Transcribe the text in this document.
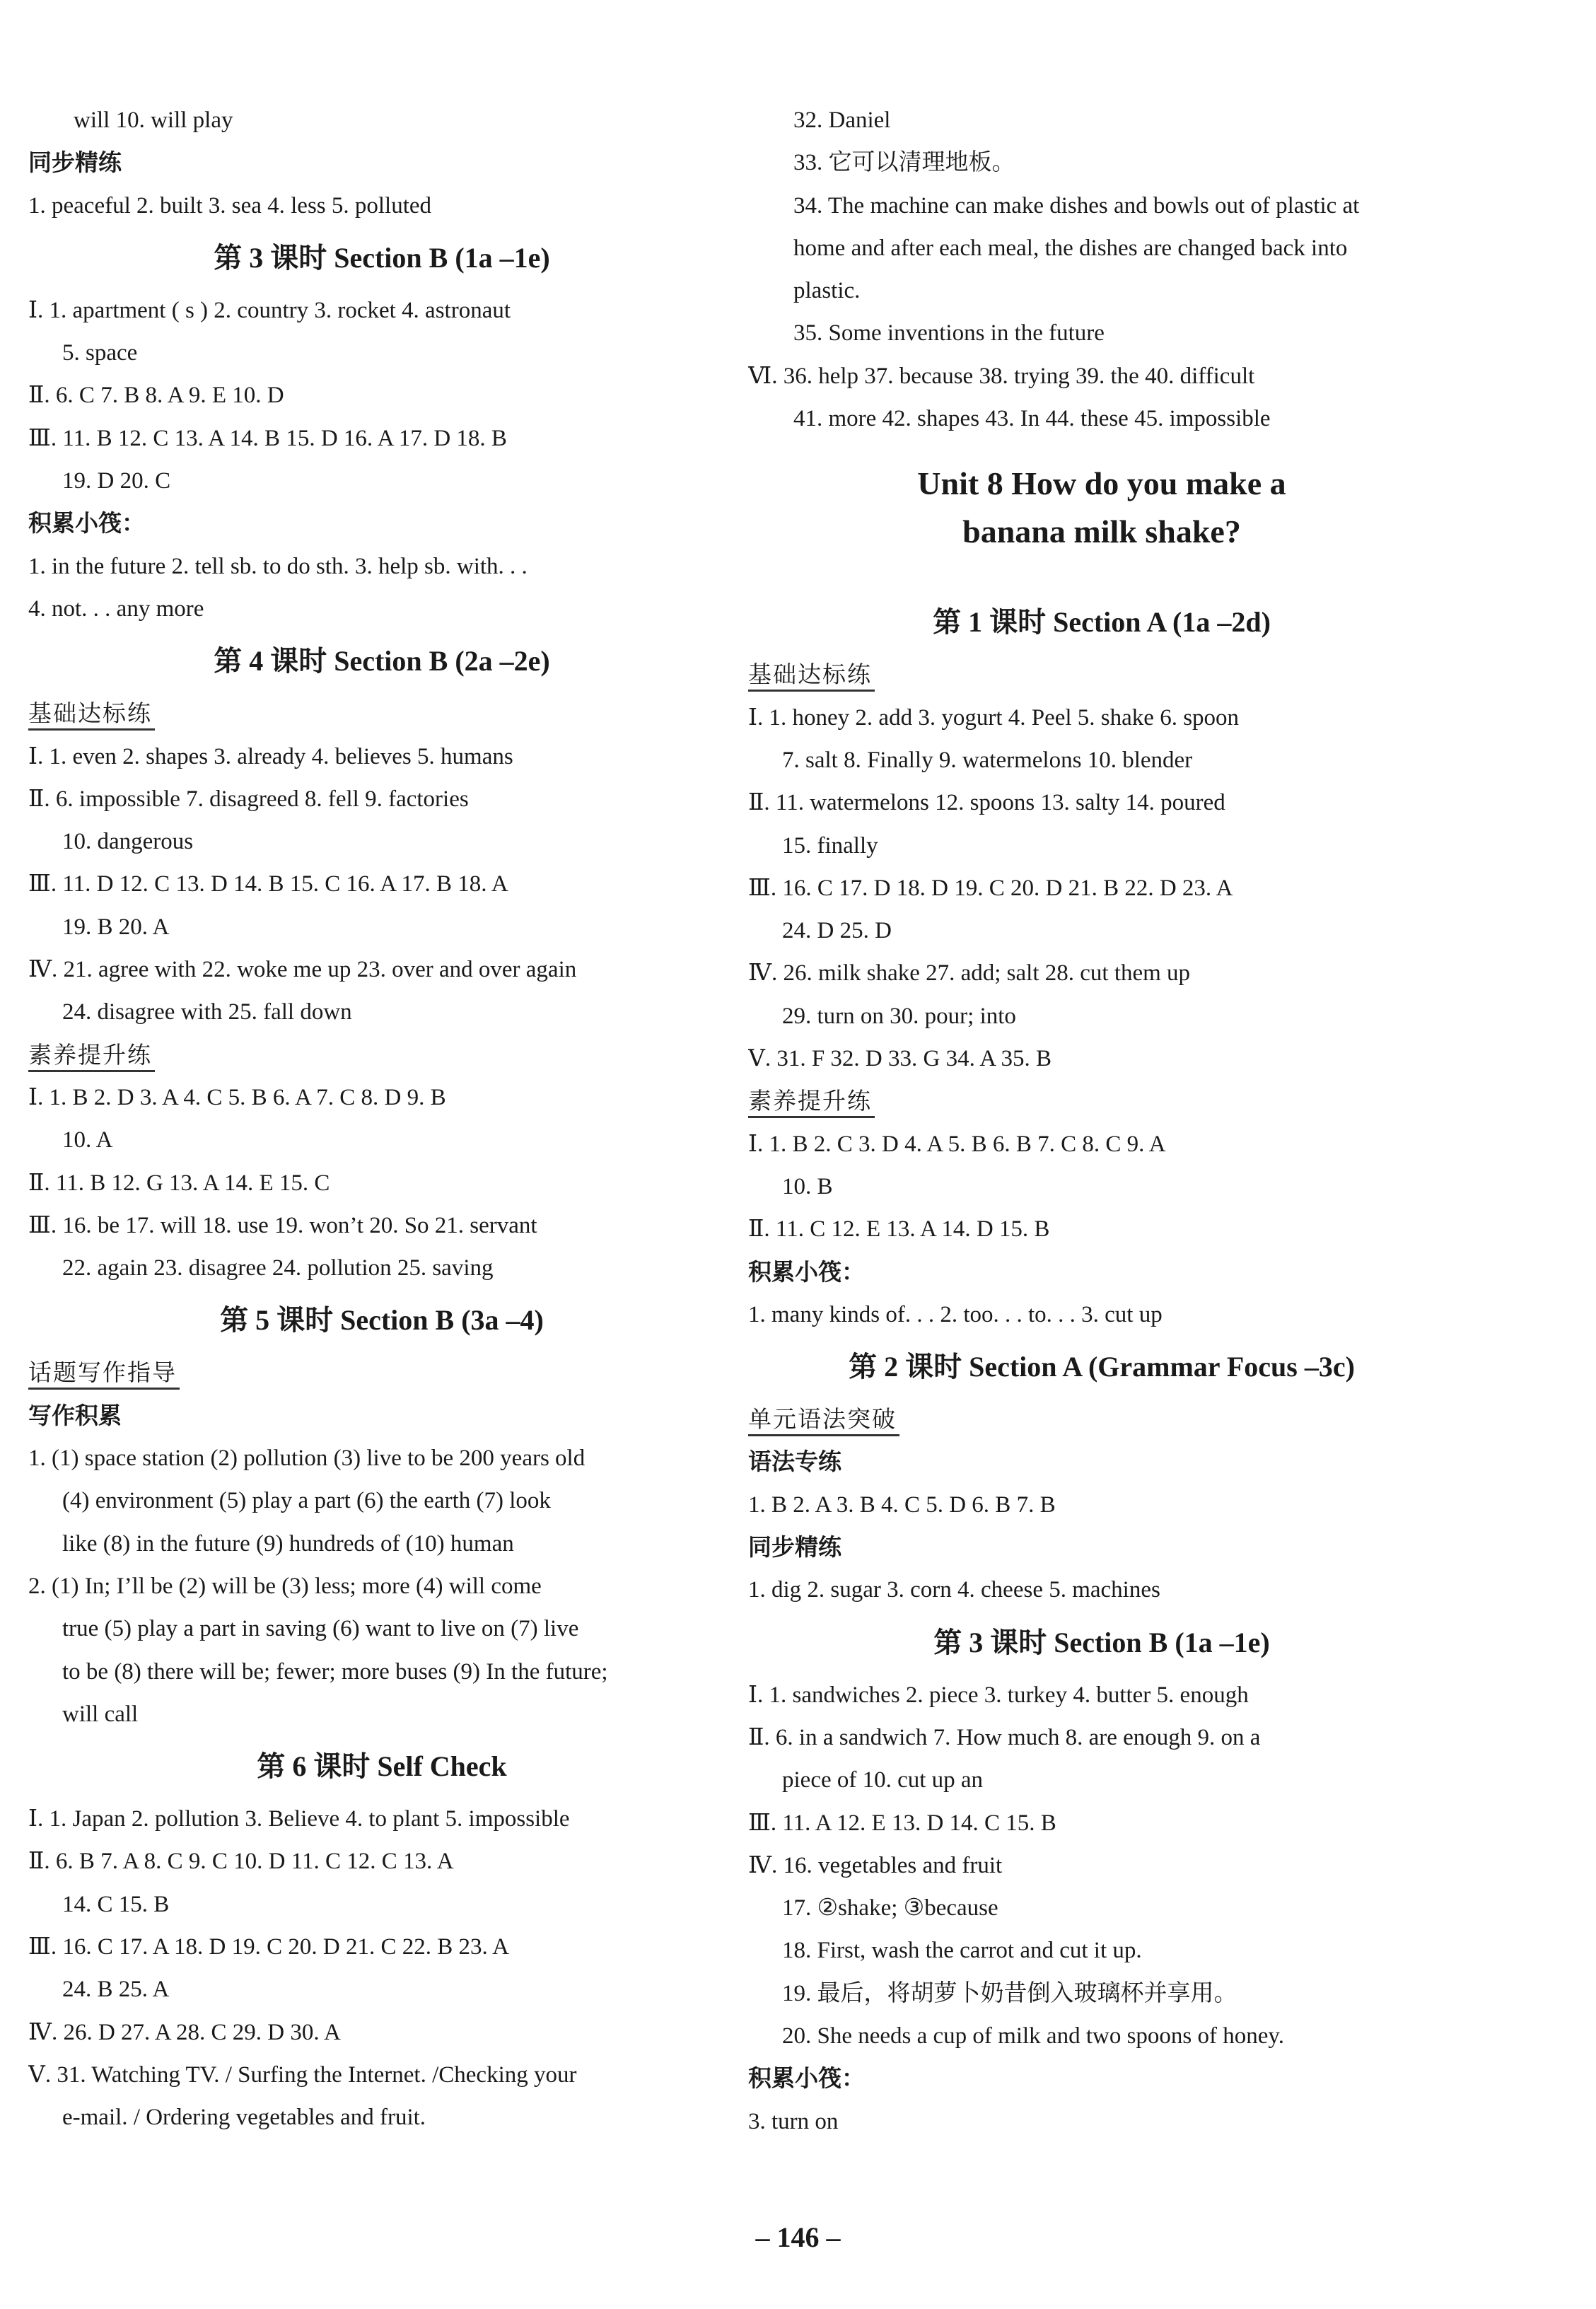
will 10. will play
同步精练
1. peaceful 2. built 3. sea 4. less 5. polluted
第 3 课时 Section B (1a –1e)
Ⅰ. 1. apartment ( s ) 2. country 3. rocket 4. astronaut
5. space
Ⅱ. 6. C 7. B 8. A 9. E 10. D
Ⅲ. 11. B 12. C 13. A 14. B 15. D 16. A 17. D 18. B
19. D 20. C
积累小筏：
1. in the future 2. tell sb. to do sth. 3. help sb. with. . .
4. not. . . any more
第 4 课时 Section B (2a –2e)
基础达标练
Ⅰ. 1. even 2. shapes 3. already 4. believes 5. humans
Ⅱ. 6. impossible 7. disagreed 8. fell 9. factories
10. dangerous
Ⅲ. 11. D 12. C 13. D 14. B 15. C 16. A 17. B 18. A
19. B 20. A
Ⅳ. 21. agree with 22. woke me up 23. over and over again
24. disagree with 25. fall down
素养提升练
Ⅰ. 1. B 2. D 3. A 4. C 5. B 6. A 7. C 8. D 9. B
10. A
Ⅱ. 11. B 12. G 13. A 14. E 15. C
Ⅲ. 16. be 17. will 18. use 19. won’t 20. So 21. servant
22. again 23. disagree 24. pollution 25. saving
第 5 课时 Section B (3a –4)
话题写作指导
写作积累
1. (1) space station (2) pollution (3) live to be 200 years old
(4) environment (5) play a part (6) the earth (7) look
like (8) in the future (9) hundreds of (10) human
2. (1) In; I’ll be (2) will be (3) less; more (4) will come
true (5) play a part in saving (6) want to live on (7) live
to be (8) there will be; fewer; more buses (9) In the future;
will call
第 6 课时 Self Check
Ⅰ. 1. Japan 2. pollution 3. Believe 4. to plant 5. impossible
Ⅱ. 6. B 7. A 8. C 9. C 10. D 11. C 12. C 13. A
14. C 15. B
Ⅲ. 16. C 17. A 18. D 19. C 20. D 21. C 22. B 23. A
24. B 25. A
Ⅳ. 26. D 27. A 28. C 29. D 30. A
Ⅴ. 31. Watching TV. / Surfing the Internet. /Checking your
e-mail. / Ordering vegetables and fruit.
32. Daniel
33. 它可以清理地板。
34. The machine can make dishes and bowls out of plastic at
home and after each meal, the dishes are changed back into
plastic.
35. Some inventions in the future
Ⅵ. 36. help 37. because 38. trying 39. the 40. difficult
41. more 42. shapes 43. In 44. these 45. impossible
Unit 8 How do you make a
banana milk shake?
第 1 课时 Section A (1a –2d)
基础达标练
Ⅰ. 1. honey 2. add 3. yogurt 4. Peel 5. shake 6. spoon
7. salt 8. Finally 9. watermelons 10. blender
Ⅱ. 11. watermelons 12. spoons 13. salty 14. poured
15. finally
Ⅲ. 16. C 17. D 18. D 19. C 20. D 21. B 22. D 23. A
24. D 25. D
Ⅳ. 26. milk shake 27. add; salt 28. cut them up
29. turn on 30. pour; into
Ⅴ. 31. F 32. D 33. G 34. A 35. B
素养提升练
Ⅰ. 1. B 2. C 3. D 4. A 5. B 6. B 7. C 8. C 9. A
10. B
Ⅱ. 11. C 12. E 13. A 14. D 15. B
积累小筏：
1. many kinds of. . . 2. too. . . to. . . 3. cut up
第 2 课时 Section A (Grammar Focus –3c)
单元语法突破
语法专练
1. B 2. A 3. B 4. C 5. D 6. B 7. B
同步精练
1. dig 2. sugar 3. corn 4. cheese 5. machines
第 3 课时 Section B (1a –1e)
Ⅰ. 1. sandwiches 2. piece 3. turkey 4. butter 5. enough
Ⅱ. 6. in a sandwich 7. How much 8. are enough 9. on a
piece of 10. cut up an
Ⅲ. 11. A 12. E 13. D 14. C 15. B
Ⅳ. 16. vegetables and fruit
17. ②shake; ③because
18. First, wash the carrot and cut it up.
19. 最后，将胡萝卜奶昔倒入玻璃杯并享用。
20. She needs a cup of milk and two spoons of honey.
积累小筏：
3. turn on
– 146 –
